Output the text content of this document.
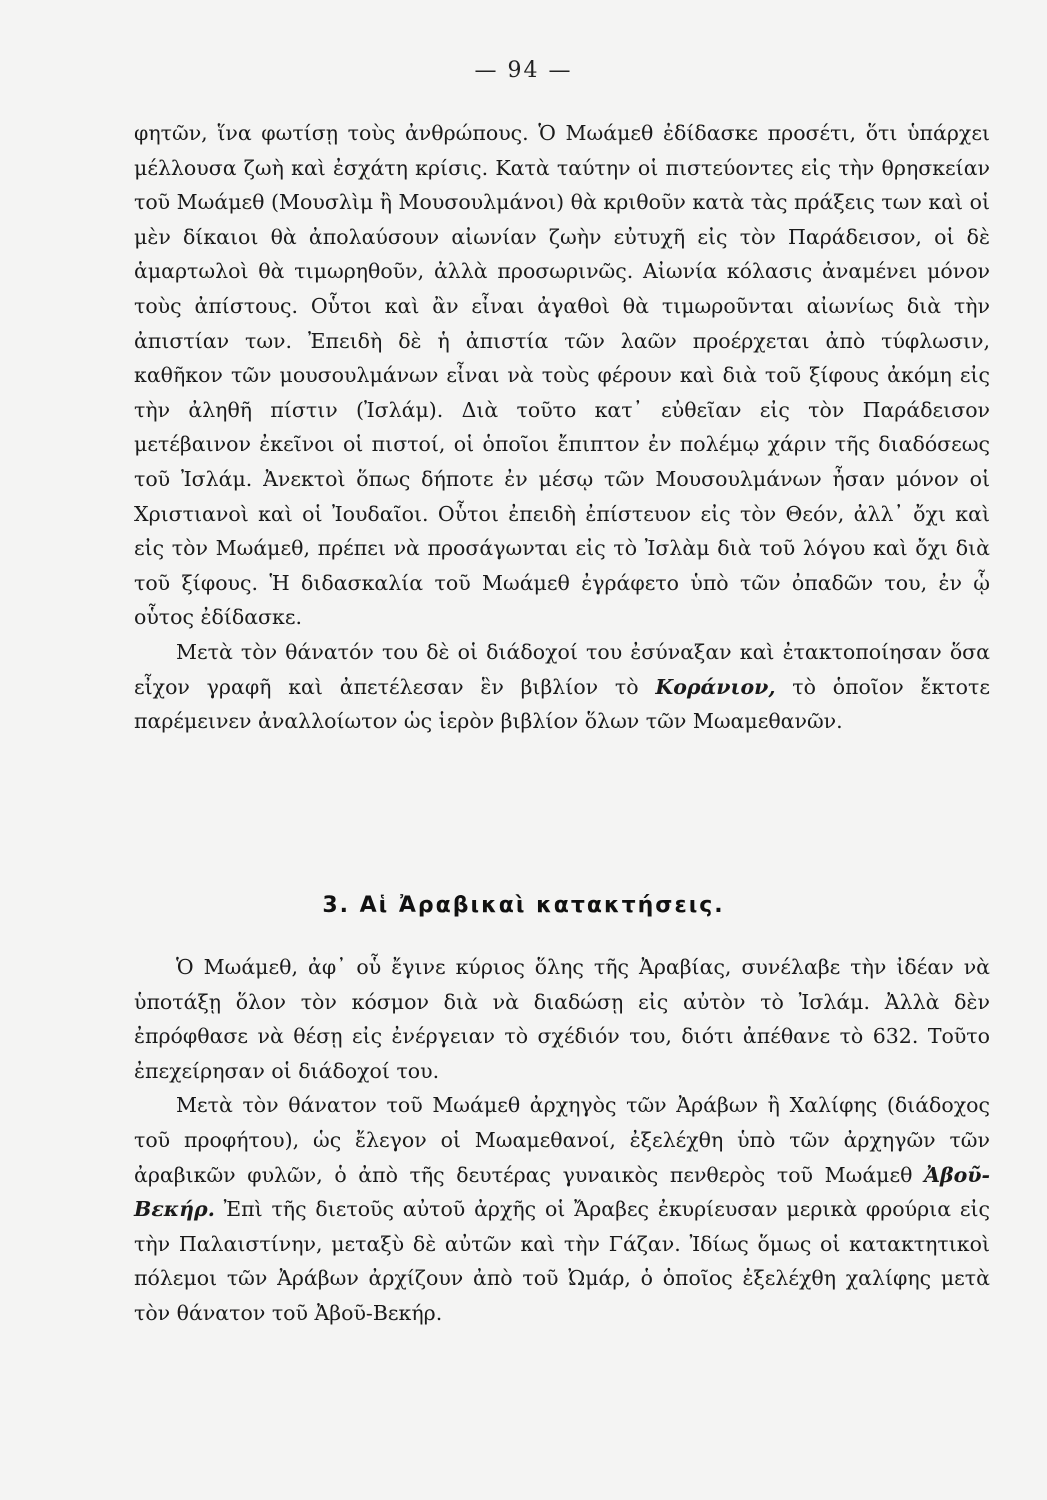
— 94 —

φητῶν, ἵνα φωτίσῃ τοὺς ἀνθρώπους. Ὁ Μωάμεθ ἐδίδασκε προσέτι, ὅτι ὑπάρχει μέλλουσα ζωὴ καὶ ἐσχάτη κρίσις. Κατὰ ταύτην οἱ πιστεύοντες εἰς τὴν θρησκείαν τοῦ Μωάμεθ (Μουσλὶμ ἢ Μουσουλμάνοι) θὰ κριθοῦν κατὰ τὰς πράξεις των καὶ οἱ μὲν δίκαιοι θὰ ἀπολαύσουν αἰωνίαν ζωὴν εὐτυχῆ εἰς τὸν Παράδεισον, οἱ δὲ ἁμαρτωλοὶ θὰ τιμωρηθοῦν, ἀλλὰ προσωρινῶς. Αἰωνία κόλασις ἀναμένει μόνον τοὺς ἀπίστους. Οὗτοι καὶ ἂν εἶναι ἀγαθοὶ θὰ τιμωροῦνται αἰωνίως διὰ τὴν ἀπιστίαν των. Ἐπειδὴ δὲ ἡ ἀπιστία τῶν λαῶν προέρχεται ἀπὸ τύφλωσιν, καθῆκον τῶν μουσουλμάνων εἶναι νὰ τοὺς φέρουν καὶ διὰ τοῦ ξίφους ἀκόμη εἰς τὴν ἀληθῆ πίστιν (Ἰσλάμ). Διὰ τοῦτο κατ᾿ εὐθεῖαν εἰς τὸν Παράδεισον μετέβαινον ἐκεῖνοι οἱ πιστοί, οἱ ὁποῖοι ἔπιπτον ἐν πολέμῳ χάριν τῆς διαδόσεως τοῦ Ἰσλάμ. Ἀνεκτοὶ ὅπως δήποτε ἐν μέσῳ τῶν Μουσουλμάνων ἦσαν μόνον οἱ Χριστιανοὶ καὶ οἱ Ἰουδαῖοι. Οὗτοι ἐπειδὴ ἐπίστευον εἰς τὸν Θεόν, ἀλλ᾿ ὄχι καὶ εἰς τὸν Μωάμεθ, πρέπει νὰ προσάγωνται εἰς τὸ Ἰσλὰμ διὰ τοῦ λόγου καὶ ὄχι διὰ τοῦ ξίφους. Ἡ διδασκαλία τοῦ Μωάμεθ ἐγράφετο ὑπὸ τῶν ὀπαδῶν του, ἐν ᾧ οὗτος ἐδίδασκε.

Μετὰ τὸν θάνατόν του δὲ οἱ διάδοχοί του ἐσύναξαν καὶ ἐτακτοποίησαν ὅσα εἶχον γραφῆ καὶ ἀπετέλεσαν ἓν βιβλίον τὸ Κοράνιον, τὸ ὁποῖον ἔκτοτε παρέμεινεν ἀναλλοίωτον ὡς ἱερὸν βιβλίον ὅλων τῶν Μωαμεθανῶν.

3. Αἱ Ἀραβικαὶ κατακτήσεις.

Ὁ Μωάμεθ, ἀφ᾿ οὗ ἔγινε κύριος ὅλης τῆς Ἀραβίας, συνέλαβε τὴν ἰδέαν νὰ ὑποτάξῃ ὅλον τὸν κόσμον διὰ νὰ διαδώσῃ εἰς αὐτὸν τὸ Ἰσλάμ. Ἀλλὰ δὲν ἐπρόφθασε νὰ θέσῃ εἰς ἐνέργειαν τὸ σχέδιόν του, διότι ἀπέθανε τὸ 632. Τοῦτο ἐπεχείρησαν οἱ διάδοχοί του.

Μετὰ τὸν θάνατον τοῦ Μωάμεθ ἀρχηγὸς τῶν Ἀράβων ἢ Χαλίφης (διάδοχος τοῦ προφήτου), ὡς ἔλεγον οἱ Μωαμεθανοί, ἐξελέχθη ὑπὸ τῶν ἀρχηγῶν τῶν ἀραβικῶν φυλῶν, ὁ ἀπὸ τῆς δευτέρας γυναικὸς πενθερὸς τοῦ Μωάμεθ Ἀβοῦ-Βεκήρ. Ἐπὶ τῆς διετοῦς αὐτοῦ ἀρχῆς οἱ Ἄραβες ἐκυρίευσαν μερικὰ φρούρια εἰς τὴν Παλαιστίνην, μεταξὺ δὲ αὐτῶν καὶ τὴν Γάζαν. Ἰδίως ὅμως οἱ κατακτητικοὶ πόλεμοι τῶν Ἀράβων ἀρχίζουν ἀπὸ τοῦ Ὠμάρ, ὁ ὁποῖος ἐξελέχθη χαλίφης μετὰ τὸν θάνατον τοῦ Ἀβοῦ-Βεκήρ.
